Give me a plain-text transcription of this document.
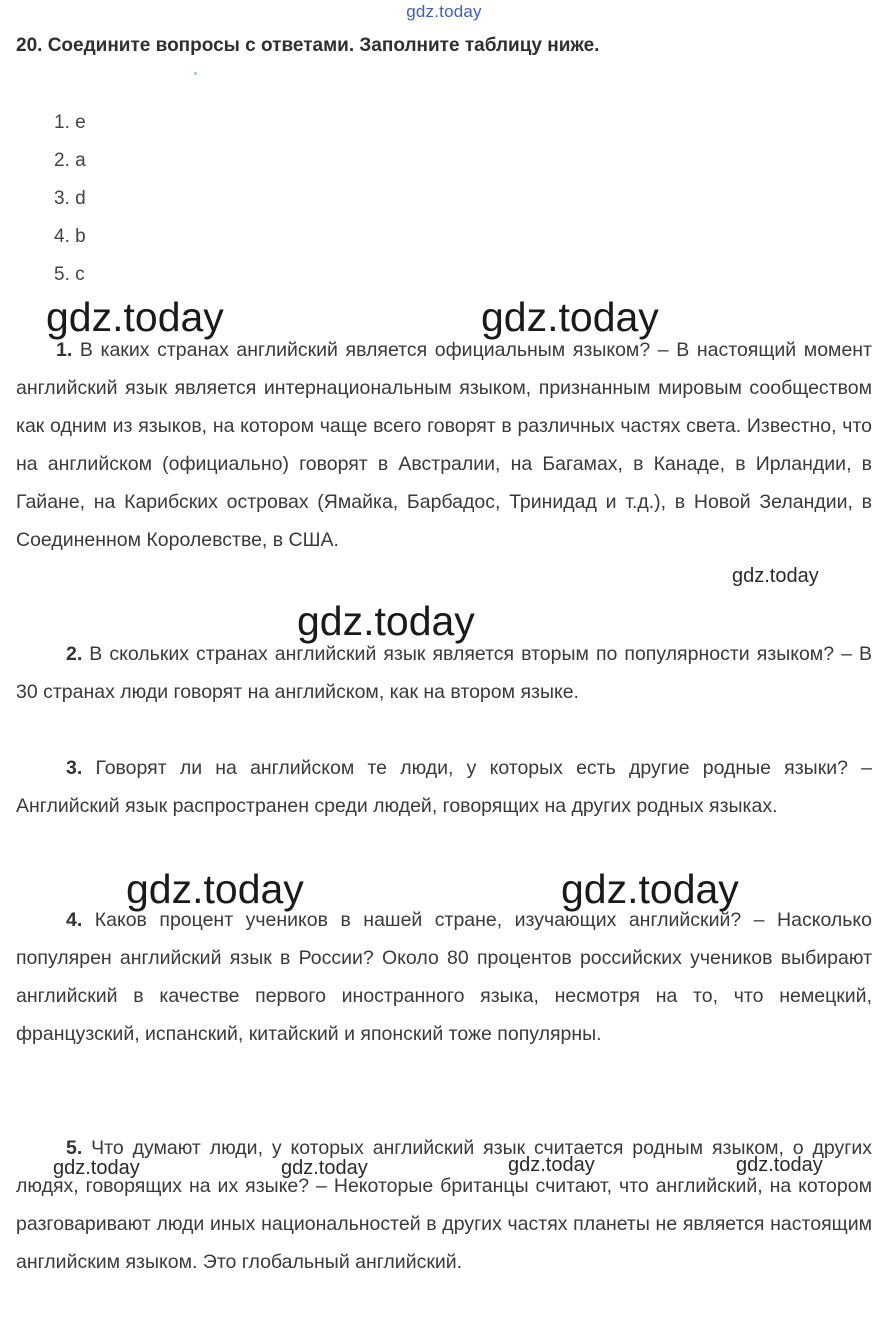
gdz.today
20. Соедините вопросы с ответами. Заполните таблицу ниже.
1. e
2. a
3. d
4. b
5. c

1. В каких странах английский является официальным языком? – В настоящий момент английский язык является интернациональным языком, признанным мировым сообществом как одним из языков, на котором чаще всего говорят в различных частях света. Известно, что на английском (официально) говорят в Австралии, на Багамах, в Канаде, в Ирландии, в Гайане, на Карибских островах (Ямайка, Барбадос, Тринидад и т.д.), в Новой Зеландии, в Соединенном Королевстве, в США.

2. В скольких странах английский язык является вторым по популярности языком? – В 30 странах люди говорят на английском, как на втором языке.

3. Говорят ли на английском те люди, у которых есть другие родные языки? – Английский язык распространен среди людей, говорящих на других родных языках.

4. Каков процент учеников в нашей стране, изучающих английский? – Насколько популярен английский язык в России? Около 80 процентов российских учеников выбирают английский в качестве первого иностранного языка, несмотря на то, что немецкий, французский, испанский, китайский и японский тоже популярны.

5. Что думают люди, у которых английский язык считается родным языком, о других людях, говорящих на их языке? – Некоторые британцы считают, что английский, на котором разговаривают люди иных национальностей в других частях планеты не является настоящим английским языком. Это глобальный английский.

gdz.today	gdz.today
gdz.today
gdz.today
gdz.today	gdz.today
gdz.today	gdz.today	gdz.today	gdz.today
